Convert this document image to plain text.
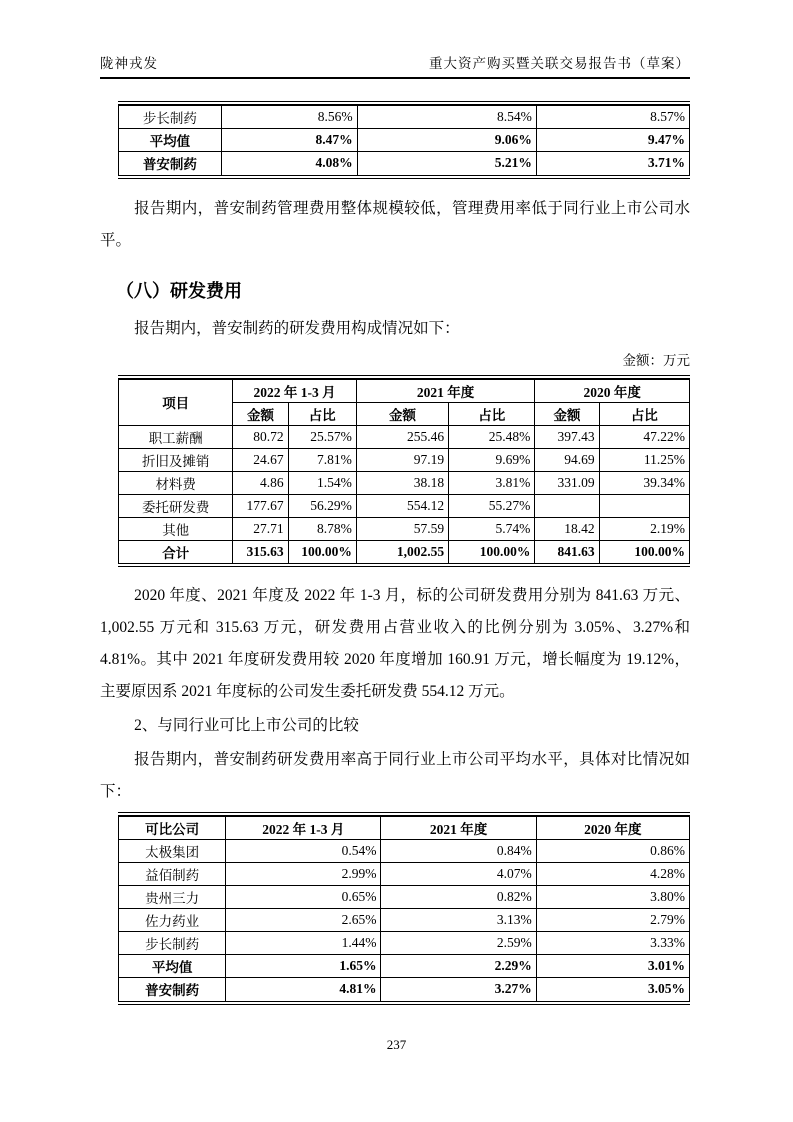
陇神戎发	重大资产购买暨关联交易报告书（草案）
步长制药	8.56%	8.54%	8.57%
平均值	8.47%	9.06%	9.47%
普安制药	4.08%	5.21%	3.71%

报告期内，普安制药管理费用整体规模较低，管理费用率低于同行业上市公司水平。

（八）研发费用

报告期内，普安制药的研发费用构成情况如下：

金额：万元
项目	2022 年 1-3 月		2021 年度		2020 年度	
	金额	占比	金额	占比	金额	占比
职工薪酬	80.72	25.57%	255.46	25.48%	397.43	47.22%
折旧及摊销	24.67	7.81%	97.19	9.69%	94.69	11.25%
材料费	4.86	1.54%	38.18	3.81%	331.09	39.34%
委托研发费	177.67	56.29%	554.12	55.27%		
其他	27.71	8.78%	57.59	5.74%	18.42	2.19%
合计	315.63	100.00%	1,002.55	100.00%	841.63	100.00%

2020 年度、2021 年度及 2022 年 1-3 月，标的公司研发费用分别为 841.63 万元、1,002.55 万元和 315.63 万元，研发费用占营业收入的比例分别为 3.05%、3.27%和 4.81%。其中 2021 年度研发费用较 2020 年度增加 160.91 万元，增长幅度为 19.12%，主要原因系 2021 年度标的公司发生委托研发费 554.12 万元。

2、与同行业可比上市公司的比较

报告期内，普安制药研发费用率高于同行业上市公司平均水平，具体对比情况如下：

可比公司	2022 年 1-3 月	2021 年度	2020 年度
太极集团	0.54%	0.84%	0.86%
益佰制药	2.99%	4.07%	4.28%
贵州三力	0.65%	0.82%	3.80%
佐力药业	2.65%	3.13%	2.79%
步长制药	1.44%	2.59%	3.33%
平均值	1.65%	2.29%	3.01%
普安制药	4.81%	3.27%	3.05%
237
